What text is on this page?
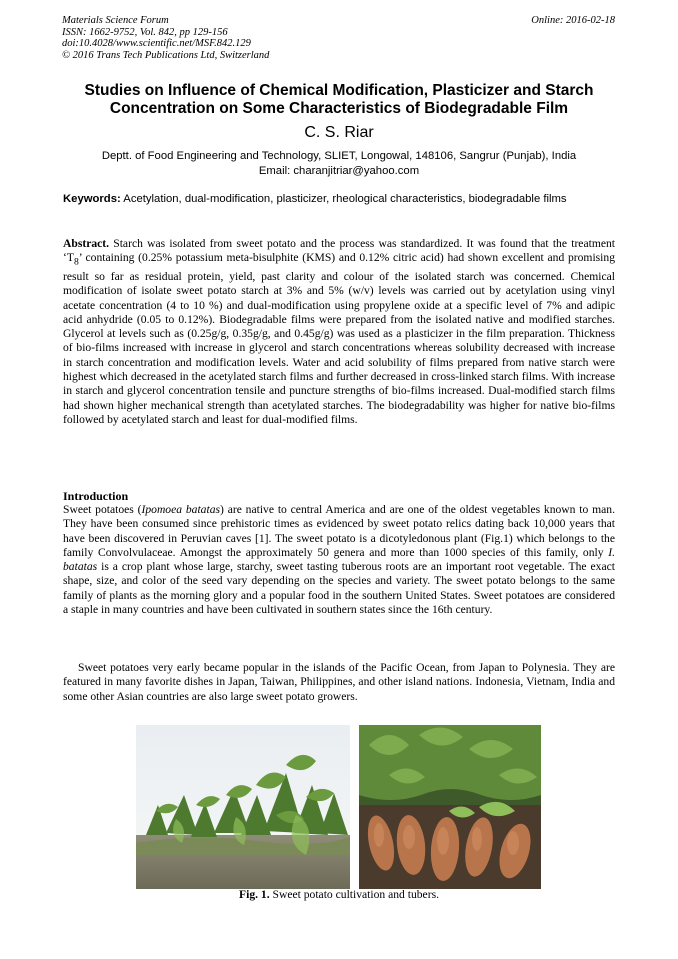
Materials Science Forum
ISSN: 1662-9752, Vol. 842, pp 129-156
doi:10.4028/www.scientific.net/MSF.842.129
© 2016 Trans Tech Publications Ltd, Switzerland
Online: 2016-02-18
Studies on Influence of Chemical Modification, Plasticizer and Starch Concentration on Some Characteristics of Biodegradable Film
C. S. Riar
Deptt. of Food Engineering and Technology, SLIET, Longowal, 148106, Sangrur (Punjab), India
Email: charanjitriar@yahoo.com
Keywords: Acetylation, dual-modification, plasticizer, rheological characteristics, biodegradable films
Abstract. Starch was isolated from sweet potato and the process was standardized. It was found that the treatment ‘$T_8$’ containing (0.25% potassium meta-bisulphite (KMS) and 0.12% citric acid) had shown excellent and promising result so far as residual protein, yield, past clarity and colour of the isolated starch was concerned. Chemical modification of isolate sweet potato starch at 3% and 5% (w/v) levels was carried out by acetylation using vinyl acetate concentration (4 to 10 %) and dual-modification using propylene oxide at a specific level of 7% and adipic acid anhydride (0.05 to 0.12%). Biodegradable films were prepared from the isolated native and modified starches. Glycerol at levels such as (0.25g/g, 0.35g/g, and 0.45g/g) was used as a plasticizer in the film preparation. Thickness of bio-films increased with increase in glycerol and starch concentrations whereas solubility decreased with increase in starch concentration and modification levels. Water and acid solubility of films prepared from native starch were highest which decreased in the acetylated starch films and further decreased in cross-linked starch films. With increase in starch and glycerol concentration tensile and puncture strengths of bio-films increased. Dual-modified starch films had shown higher mechanical strength than acetylated starches. The biodegradability was higher for native bio-films followed by acetylated starch and least for dual-modified films.
Introduction
Sweet potatoes (Ipomoea batatas) are native to central America and are one of the oldest vegetables known to man. They have been consumed since prehistoric times as evidenced by sweet potato relics dating back 10,000 years that have been discovered in Peruvian caves [1]. The sweet potato is a dicotyledonous plant (Fig.1) which belongs to the family Convolvulaceae. Amongst the approximately 50 genera and more than 1000 species of this family, only I. batatas is a crop plant whose large, starchy, sweet tasting tuberous roots are an important root vegetable. The exact shape, size, and color of the seed vary depending on the species and variety. The sweet potato belongs to the same family of plants as the morning glory and a popular food in the southern United States. Sweet potatoes are considered a staple in many countries and have been cultivated in southern states since the 16th century.
Sweet potatoes very early became popular in the islands of the Pacific Ocean, from Japan to Polynesia. They are featured in many favorite dishes in Japan, Taiwan, Philippines, and other island nations. Indonesia, Vietnam, India and some other Asian countries are also large sweet potato growers.
Fig. 1. Sweet potato cultivation and tubers.
